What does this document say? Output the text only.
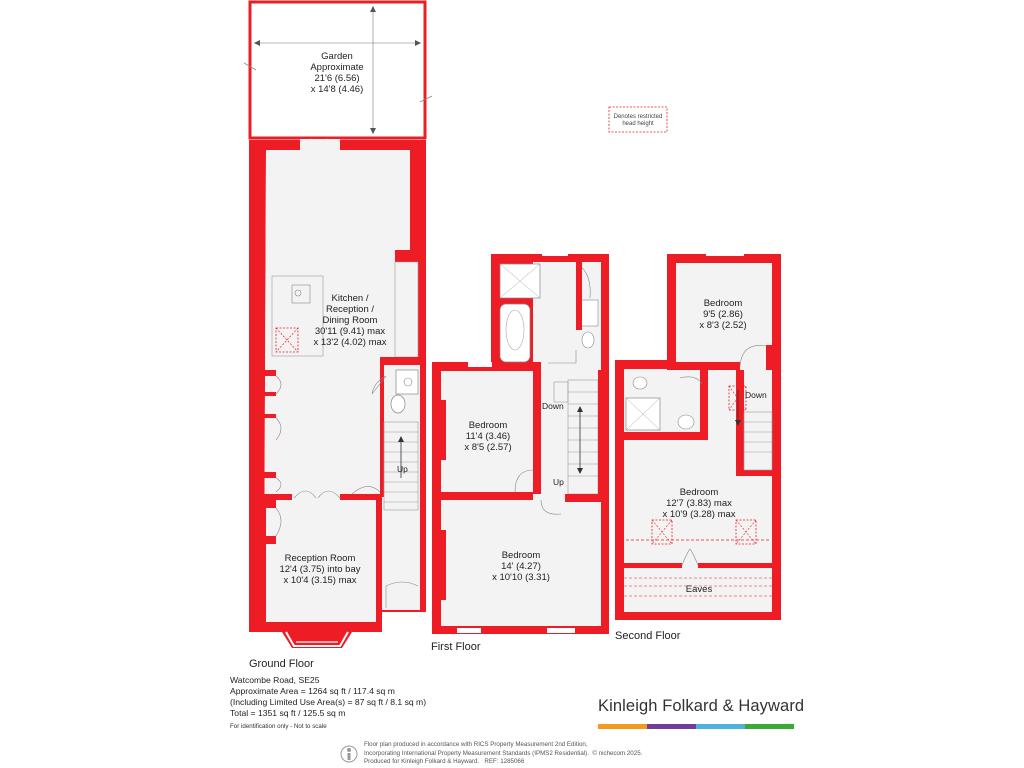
Denotes restricted
head height
Garden
Approximate
21'6 (6.56)
x 14'8 (4.46)
Kitchen /
Reception /
Dining Room
30'11 (9.41) max
x 13'2 (4.02) max
Reception Room
12'4 (3.75) into bay
x 10'4 (3.15) max
Bedroom
11'4 (3.46)
x 8'5 (2.57)
Bedroom
14' (4.27)
x 10'10 (3.31)
Bedroom
9'5 (2.86)
x 8'3 (2.52)
Bedroom
12'7 (3.83) max
x 10'9 (3.28) max
Eaves
Up
Down
Up
Down
Ground Floor
First Floor
Second Floor
Watcombe Road, SE25
Approximate Area = 1264 sq ft / 117.4 sq m
(Including Limited Use Area(s) = 87 sq ft / 8.1 sq m)
Total = 1351 sq ft / 125.5 sq m
For identification only - Not to scale
Kinleigh Folkard & Hayward
Floor plan produced in accordance with RICS Property Measurement 2nd Edition,
Incorporating International Property Measurement Standards (IPMS2 Residential). © nichecom 2025.
Produced for Kinleigh Folkard & Hayward. REF: 1285066
